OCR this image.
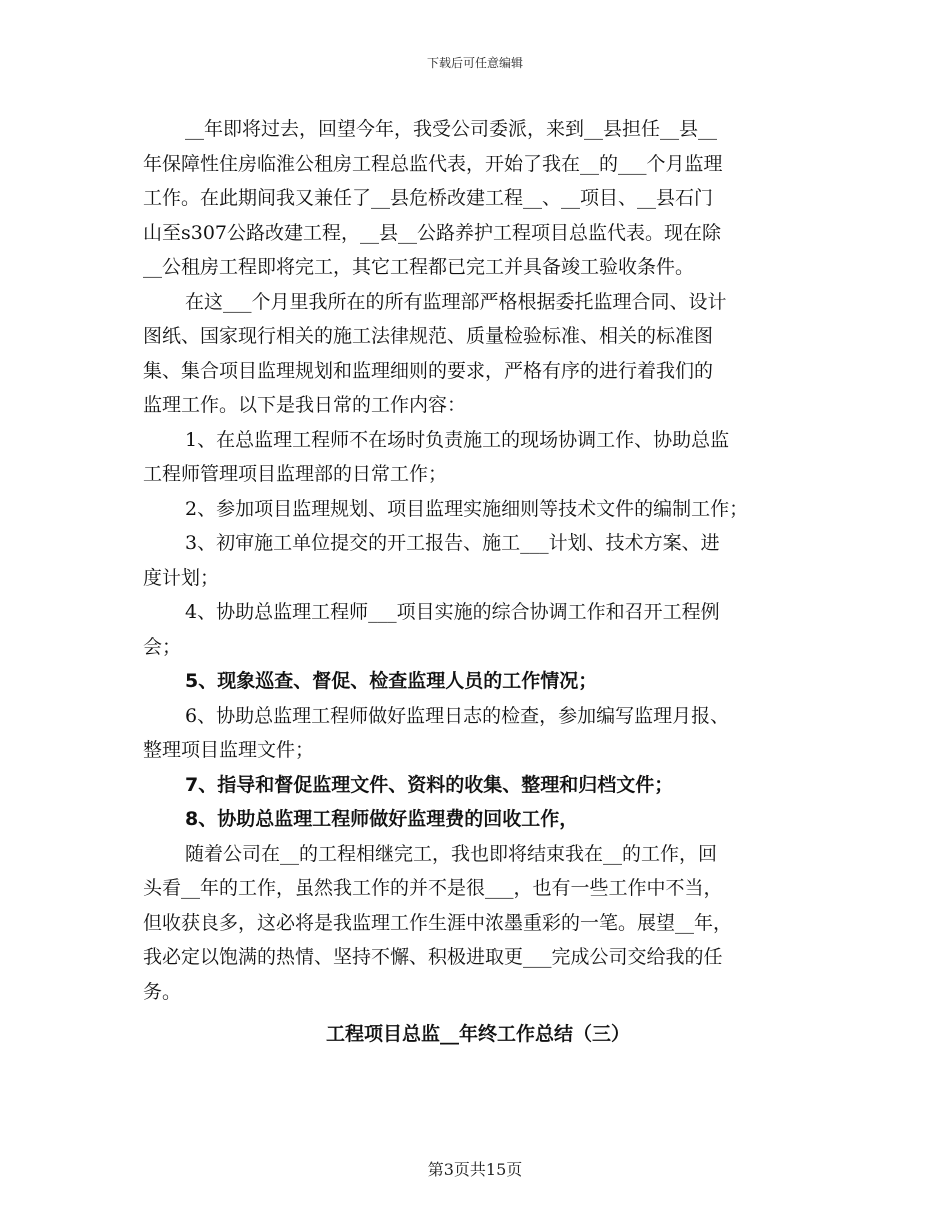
下载后可任意编辑
__年即将过去，回望今年，我受公司委派，来到__县担任__县__
年保障性住房临淮公租房工程总监代表，开始了我在__的___个月监理
工作。在此期间我又兼任了__县危桥改建工程__、__项目、__县石门
山至s307公路改建工程，__县__公路养护工程项目总监代表。现在除
__公租房工程即将完工，其它工程都已完工并具备竣工验收条件。
在这___个月里我所在的所有监理部严格根据委托监理合同、设计
图纸、国家现行相关的施工法律规范、质量检验标准、相关的标准图
集、集合项目监理规划和监理细则的要求，严格有序的进行着我们的
监理工作。以下是我日常的工作内容：
1、在总监理工程师不在场时负责施工的现场协调工作、协助总监
工程师管理项目监理部的日常工作；
2、参加项目监理规划、项目监理实施细则等技术文件的编制工作；
3、初审施工单位提交的开工报告、施工___计划、技术方案、进
度计划；
4、协助总监理工程师___项目实施的综合协调工作和召开工程例
会；
5、现象巡查、督促、检查监理人员的工作情况；
6、协助总监理工程师做好监理日志的检查，参加编写监理月报、
整理项目监理文件；
7、指导和督促监理文件、资料的收集、整理和归档文件；
8、协助总监理工程师做好监理费的回收工作，
随着公司在__的工程相继完工，我也即将结束我在__的工作，回
头看__年的工作，虽然我工作的并不是很___，也有一些工作中不当，
但收获良多，这必将是我监理工作生涯中浓墨重彩的一笔。展望__年，
我必定以饱满的热情、坚持不懈、积极进取更___完成公司交给我的任
务。
工程项目总监__年终工作总结（三）
第3页共15页
